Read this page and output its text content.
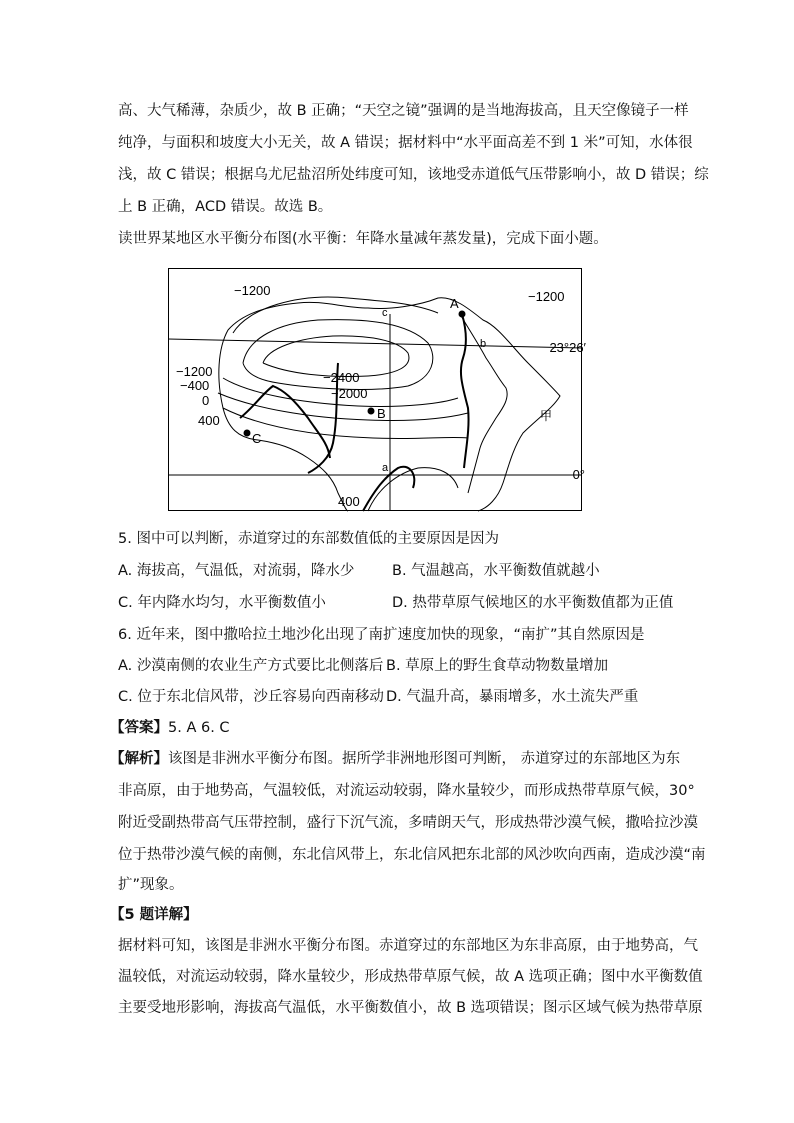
高、大气稀薄，杂质少，故 B 正确；“天空之镜”强调的是当地海拔高，且天空像镜子一样
纯净，与面积和坡度大小无关，故 A 错误；据材料中“水平面高差不到 1 米”可知，水体很
浅，故 C 错误；根据乌尤尼盐沼所处纬度可知，该地受赤道低气压带影响小，故 D 错误；综
上 B 正确，ACD 错误。故选 B。
读世界某地区水平衡分布图(水平衡：年降水量减年蒸发量)，完成下面小题。
−1200	−1200
23°26′
−1200
−400
0
400
−2400
−2000
400
0°
A
B
C
a
b
c
甲
5. 图中可以判断，赤道穿过的东部数值低的主要原因是因为
A. 海拔高，气温低，对流弱，降水少	B. 气温越高，水平衡数值就越小
C. 年内降水均匀，水平衡数值小	D. 热带草原气候地区的水平衡数值都为正值
6. 近年来，图中撒哈拉土地沙化出现了南扩速度加快的现象，“南扩”其自然原因是
A. 沙漠南侧的农业生产方式要比北侧落后 B. 草原上的野生食草动物数量增加
C. 位于东北信风带，沙丘容易向西南移动 D. 气温升高，暴雨增多，水土流失严重
【答案】5. A 6. C
【解析】该图是非洲水平衡分布图。据所学非洲地形图可判断， 赤道穿过的东部地区为东
非高原，由于地势高，气温较低，对流运动较弱，降水量较少，而形成热带草原气候，30°
附近受副热带高气压带控制，盛行下沉气流，多晴朗天气，形成热带沙漠气候，撒哈拉沙漠
位于热带沙漠气候的南侧，东北信风带上，东北信风把东北部的风沙吹向西南，造成沙漠“南
扩”现象。
【5 题详解】
据材料可知，该图是非洲水平衡分布图。赤道穿过的东部地区为东非高原，由于地势高，气
温较低，对流运动较弱，降水量较少，形成热带草原气候，故 A 选项正确；图中水平衡数值
主要受地形影响，海拔高气温低，水平衡数值小，故 B 选项错误；图示区域气候为热带草原
